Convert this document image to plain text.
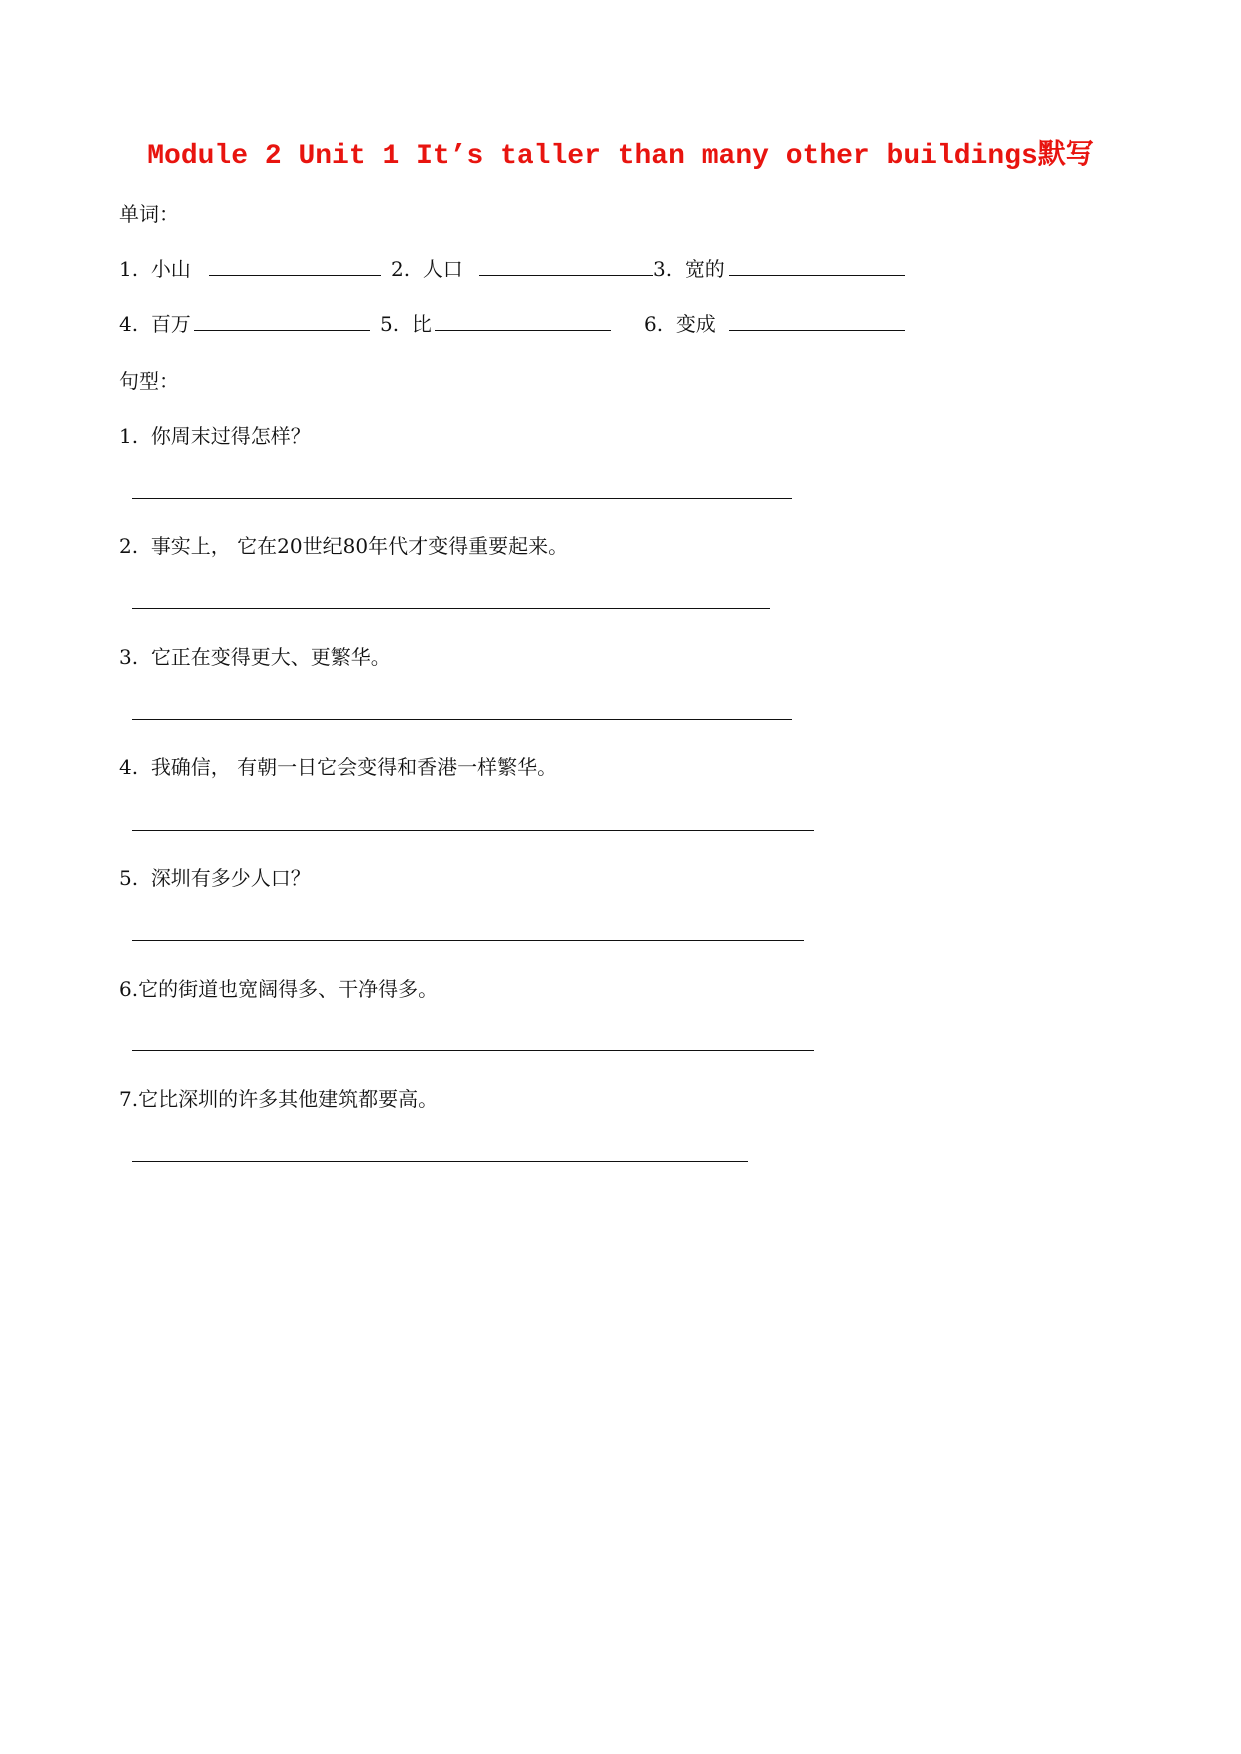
Module 2 Unit 1 It’s taller than many other buildings默写
单词：
1. 小山	2. 人口	3. 宽的
4. 百万	5. 比	6. 变成
句型：
1. 你周末过得怎样？
2. 事实上， 它在20世纪80年代才变得重要起来。
3. 它正在变得更大、更繁华。
4. 我确信， 有朝一日它会变得和香港一样繁华。
5. 深圳有多少人口？
6.它的街道也宽阔得多、干净得多。
7.它比深圳的许多其他建筑都要高。
